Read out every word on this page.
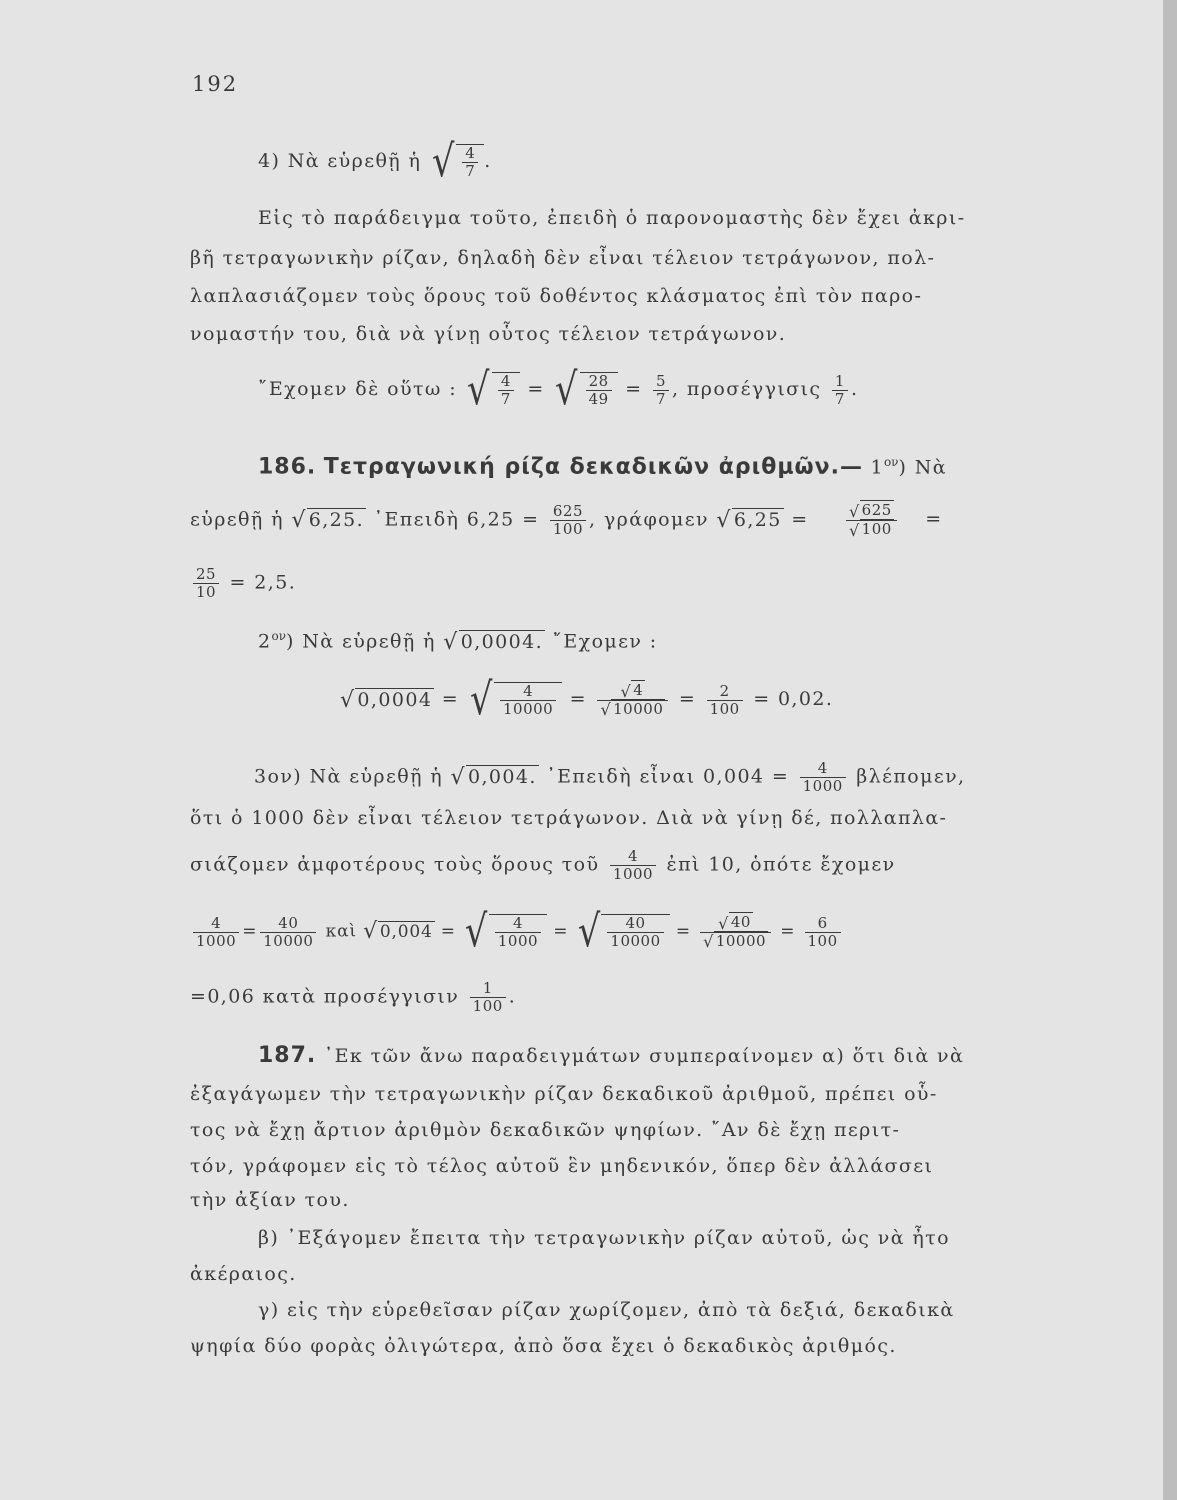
192
4) Νὰ εὑρεθῇ ἡ √ $\frac{4}{7}$ .
Εἰς τὸ παράδειγμα τοῦτο, ἐπειδὴ ὁ παρονομαστὴς δὲν ἔχει ἀκρι-
βῆ τετραγωνικὴν ρίζαν, δηλαδὴ δὲν εἶναι τέλειον τετράγωνον, πολ-
λαπλασιάζομεν τοὺς ὅρους τοῦ δοθέντος κλάσματος ἐπὶ τὸν παρο-
νομαστήν του, διὰ νὰ γίνῃ οὗτος τέλειον τετράγωνον.
῎Εχομεν δὲ οὕτω : √ $\frac{4}{7}$ = √ $\frac{28}{49} = \frac{5}{7}$ , προσέγγισις $\frac{1}{7}$ .
186. Τετραγωνική ρίζα δεκαδικῶν ἀριθμῶν.— $1^{o\nu}$) Νὰ
εὑρεθῇ ἡ √ 6,25. ᾿Επειδὴ $6,25 = \frac{625}{100}$ , γράφομεν √ $6,25 = \frac{√ 625}{√ 100}$ =
$\frac{25}{10} = 2,5$.
$2^{o\nu}$) Νὰ εὑρεθῇ ἡ √ 0,0004. ῎Εχομεν :
√ 0,0004 = √ $\frac{4}{10000} = \frac{√ 4}{√ 10000} = \frac{2}{100} = 0,02$.
3ον) Νὰ εὑρεθῇ ἡ √ 0,004. ᾿Επειδὴ εἶναι $0,004 = \frac{4}{1000} \beta\lambda έ\pi o\mu\varepsilon\nu$,
ὅτι ὁ 1000 δὲν εἶναι τέλειον τετράγωνον. Διὰ νὰ γίνῃ δέ, πολλαπλα-
σιάζομεν ἀμφοτέρους τοὺς ὅρους τοῦ $\frac{4}{1000}$ ἐπὶ 10, ὁπότε ἔχομεν
$\frac{4}{1000} = \frac{40}{10000}$ καὶ √ 0,004 = √ $\frac{4}{1000}$ = √ $\frac{40}{10000} = \frac{√ 40}{√ 10000} = \frac{6}{100}$
=0,06 κατὰ προσέγγισιν $\frac{1}{100}$ .
187. ᾿Εκ τῶν ἄνω παραδειγμάτων συμπεραίνομεν α) ὅτι διὰ νὰ
ἐξαγάγωμεν τὴν τετραγωνικὴν ρίζαν δεκαδικοῦ ἀριθμοῦ, πρέπει οὗ-
τος νὰ ἔχῃ ἄρτιον ἀριθμὸν δεκαδικῶν ψηφίων. ῎Αν δὲ ἔχῃ περιτ-
τόν, γράφομεν εἰς τὸ τέλος αὐτοῦ ἓν μηδενικόν, ὅπερ δὲν ἀλλάσσει
τὴν ἀξίαν του.
β) ᾿Εξάγομεν ἔπειτα τὴν τετραγωνικὴν ρίζαν αὐτοῦ, ὡς νὰ ἦτο
ἀκέραιος.
γ) εἰς τὴν εὑρεθεῖσαν ρίζαν χωρίζομεν, ἀπὸ τὰ δεξιά, δεκαδικὰ
ψηφία δύο φορὰς ὀλιγώτερα, ἀπὸ ὅσα ἔχει ὁ δεκαδικὸς ἀριθμός.
